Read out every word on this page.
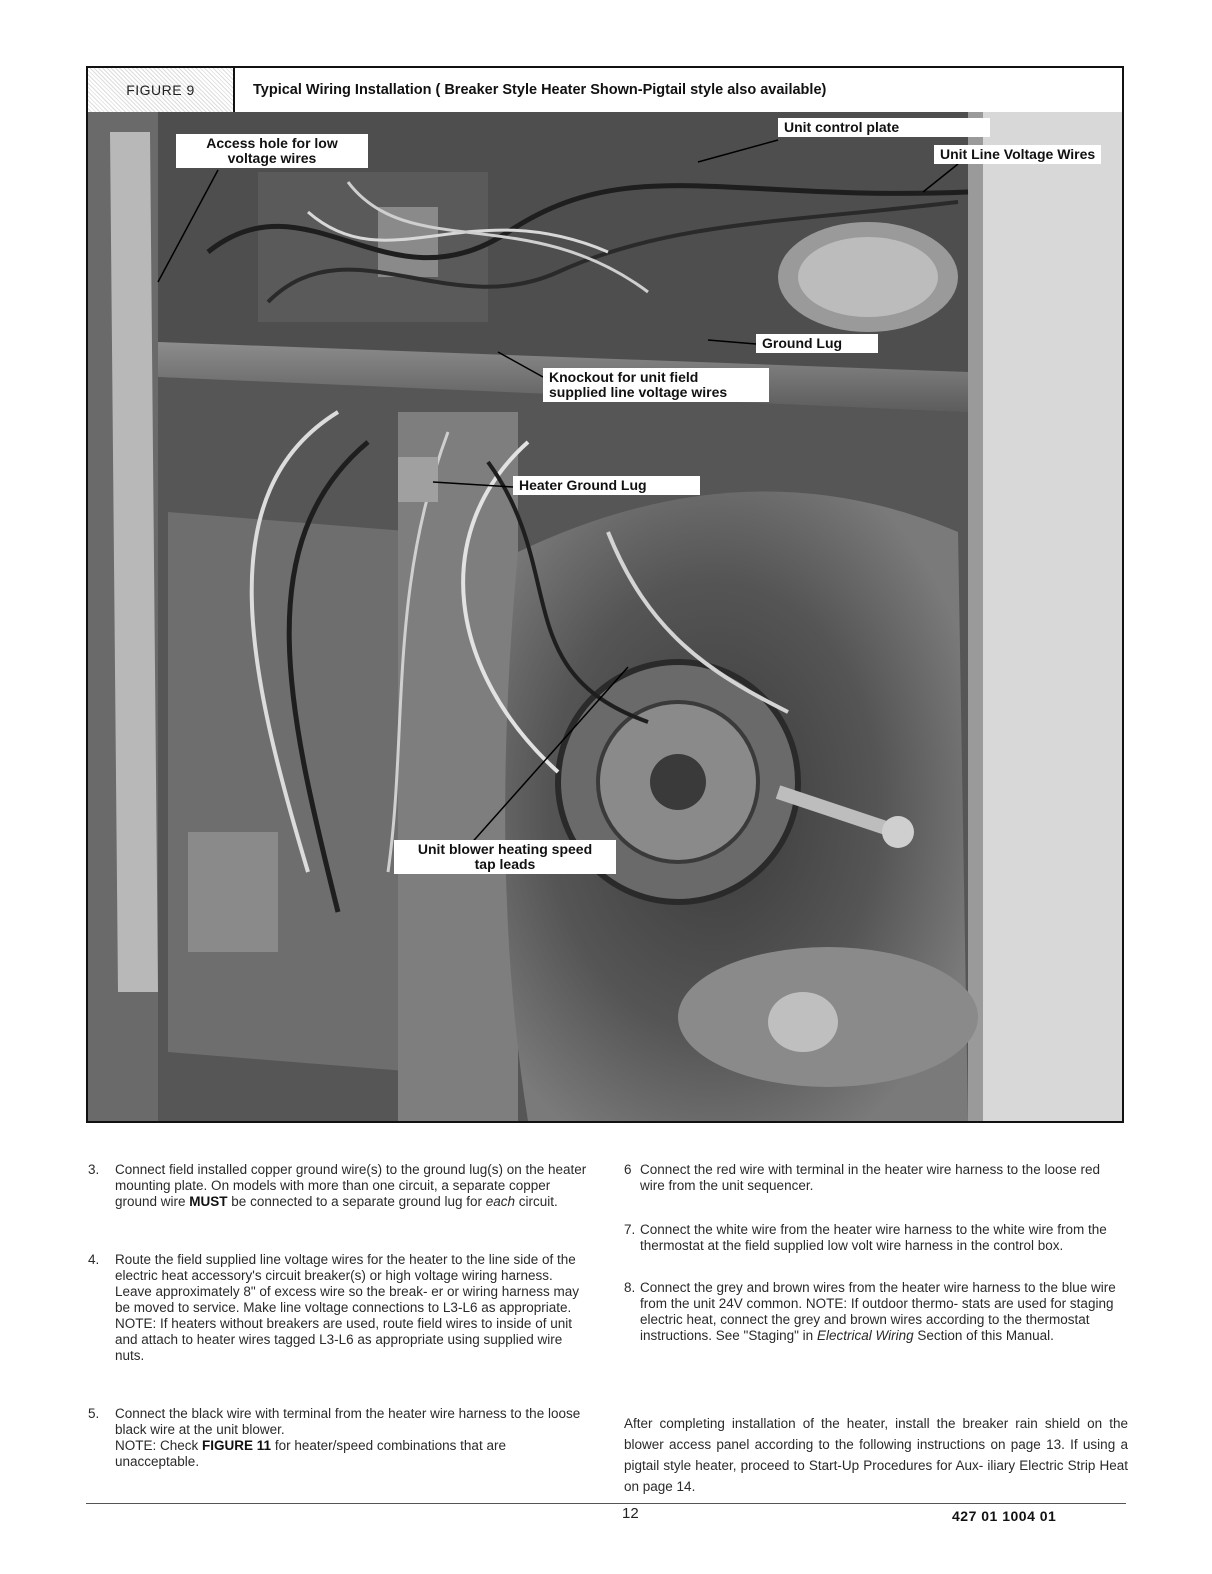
FIGURE 9	Typical Wiring Installation ( Breaker Style Heater Shown-Pigtail style also available)
Access hole for low
voltage wires
Unit control plate
Unit Line Voltage Wires
Ground Lug
Knockout for unit field
supplied line voltage wires
Heater Ground Lug
Unit blower heating speed
tap leads
3. Connect field installed copper ground wire(s) to the ground lug(s) on the heater mounting plate. On models with more than one circuit, a separate copper ground wire MUST be connected to a separate ground lug for each circuit.

4. Route the field supplied line voltage wires for the heater to the line side of the electric heat accessory's circuit breaker(s) or high voltage wiring harness. Leave approximately 8" of excess wire so the break- er or wiring harness may be moved to service. Make line voltage connections to L3-L6 as appropriate. NOTE: If heaters without breakers are used, route field wires to inside of unit and attach to heater wires tagged L3-L6 as appropriate using supplied wire nuts.

5. Connect the black wire with terminal from the heater wire harness to the loose black wire at the unit blower.

NOTE: Check FIGURE 11 for heater/speed combinations that are unacceptable.

6 Connect the red wire with terminal in the heater wire harness to the loose red wire from the unit sequencer.

7. Connect the white wire from the heater wire harness to the white wire from the thermostat at the field supplied low volt wire harness in the control box.

8. Connect the grey and brown wires from the heater wire harness to the blue wire from the unit 24V common. NOTE: If outdoor thermo- stats are used for staging electric heat, connect the grey and brown wires according to the thermostat instructions. See "Staging" in Electrical Wiring Section of this Manual.

After completing installation of the heater, install the breaker rain shield on the blower access panel according to the following instructions on page 13. If using a pigtail style heater, proceed to Start-Up Procedures for Aux- iliary Electric Strip Heat on page 14.
12	427 01 1004 01
